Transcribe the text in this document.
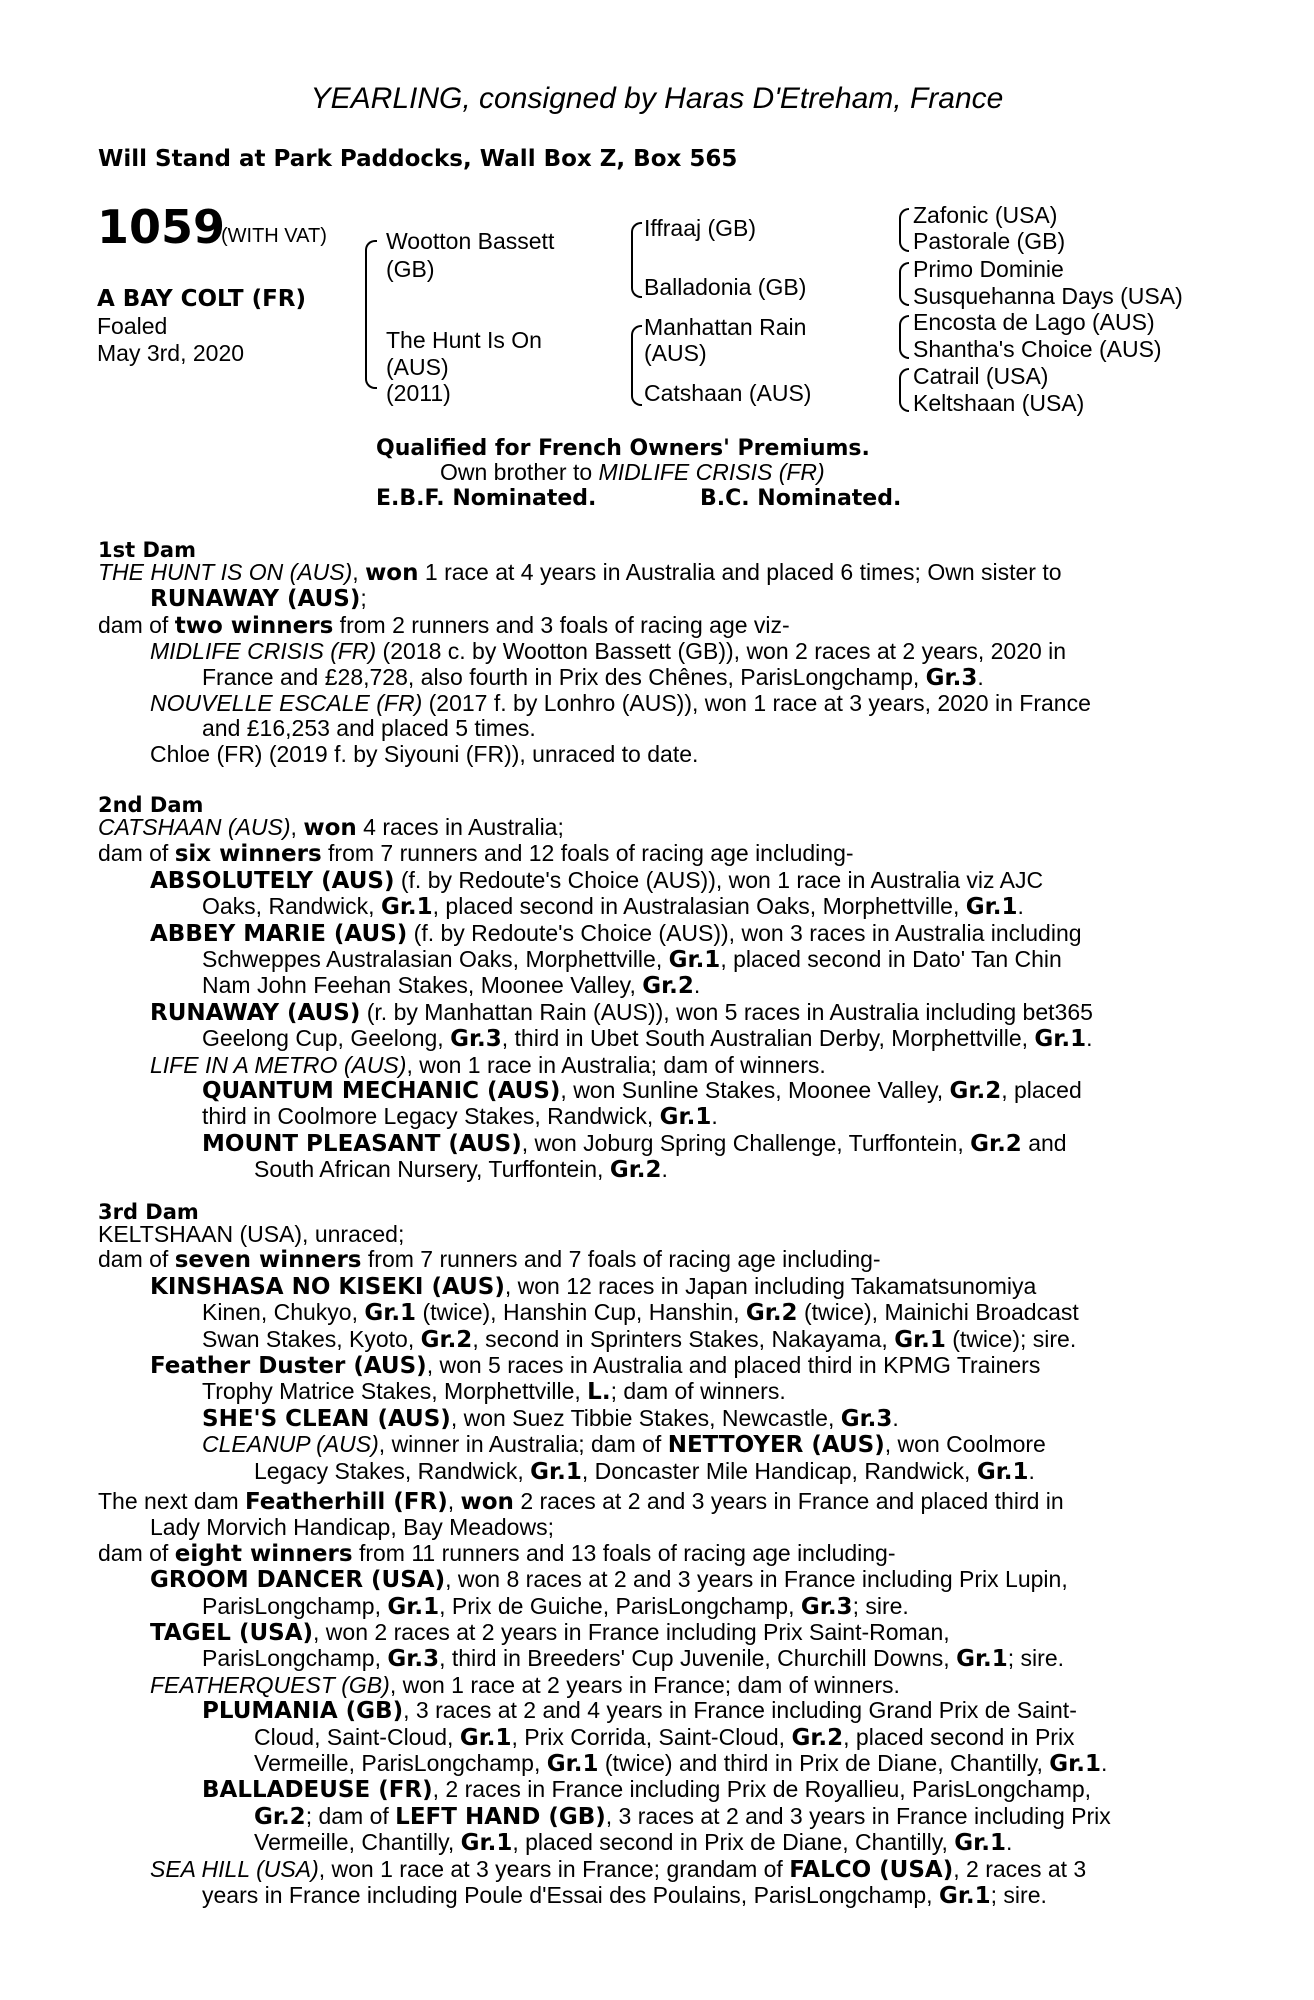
YEARLING, consigned by Haras D'Etreham, France
Will Stand at Park Paddocks, Wall Box Z, Box 565
1059
(WITH VAT)
A BAY COLT (FR)
Foaled
May 3rd, 2020
Wootton Bassett
(GB)
The Hunt Is On
(AUS)
(2011)
Iffraaj (GB)
Balladonia (GB)
Manhattan Rain
(AUS)
Catshaan (AUS)
Zafonic (USA)
Pastorale (GB)
Primo Dominie
Susquehanna Days (USA)
Encosta de Lago (AUS)
Shantha's Choice (AUS)
Catrail (USA)
Keltshaan (USA)
Qualified for French Owners' Premiums.
Own brother to MIDLIFE CRISIS (FR)
E.B.F. Nominated.	B.C. Nominated.
1st Dam
THE HUNT IS ON (AUS), won 1 race at 4 years in Australia and placed 6 times; Own sister to
RUNAWAY (AUS);
dam of two winners from 2 runners and 3 foals of racing age viz-
MIDLIFE CRISIS (FR) (2018 c. by Wootton Bassett (GB)), won 2 races at 2 years, 2020 in
France and £28,728, also fourth in Prix des Chênes, ParisLongchamp, Gr.3.
NOUVELLE ESCALE (FR) (2017 f. by Lonhro (AUS)), won 1 race at 3 years, 2020 in France
and £16,253 and placed 5 times.
Chloe (FR) (2019 f. by Siyouni (FR)), unraced to date.
2nd Dam
CATSHAAN (AUS), won 4 races in Australia;
dam of six winners from 7 runners and 12 foals of racing age including-
ABSOLUTELY (AUS) (f. by Redoute's Choice (AUS)), won 1 race in Australia viz AJC
Oaks, Randwick, Gr.1, placed second in Australasian Oaks, Morphettville, Gr.1.
ABBEY MARIE (AUS) (f. by Redoute's Choice (AUS)), won 3 races in Australia including
Schweppes Australasian Oaks, Morphettville, Gr.1, placed second in Dato' Tan Chin
Nam John Feehan Stakes, Moonee Valley, Gr.2.
RUNAWAY (AUS) (r. by Manhattan Rain (AUS)), won 5 races in Australia including bet365
Geelong Cup, Geelong, Gr.3, third in Ubet South Australian Derby, Morphettville, Gr.1.
LIFE IN A METRO (AUS), won 1 race in Australia; dam of winners.
QUANTUM MECHANIC (AUS), won Sunline Stakes, Moonee Valley, Gr.2, placed
third in Coolmore Legacy Stakes, Randwick, Gr.1.
MOUNT PLEASANT (AUS), won Joburg Spring Challenge, Turffontein, Gr.2 and
South African Nursery, Turffontein, Gr.2.
3rd Dam
KELTSHAAN (USA), unraced;
dam of seven winners from 7 runners and 7 foals of racing age including-
KINSHASA NO KISEKI (AUS), won 12 races in Japan including Takamatsunomiya
Kinen, Chukyo, Gr.1 (twice), Hanshin Cup, Hanshin, Gr.2 (twice), Mainichi Broadcast
Swan Stakes, Kyoto, Gr.2, second in Sprinters Stakes, Nakayama, Gr.1 (twice); sire.
Feather Duster (AUS), won 5 races in Australia and placed third in KPMG Trainers
Trophy Matrice Stakes, Morphettville, L.; dam of winners.
SHE'S CLEAN (AUS), won Suez Tibbie Stakes, Newcastle, Gr.3.
CLEANUP (AUS), winner in Australia; dam of NETTOYER (AUS), won Coolmore
Legacy Stakes, Randwick, Gr.1, Doncaster Mile Handicap, Randwick, Gr.1.
The next dam Featherhill (FR), won 2 races at 2 and 3 years in France and placed third in
Lady Morvich Handicap, Bay Meadows;
dam of eight winners from 11 runners and 13 foals of racing age including-
GROOM DANCER (USA), won 8 races at 2 and 3 years in France including Prix Lupin,
ParisLongchamp, Gr.1, Prix de Guiche, ParisLongchamp, Gr.3; sire.
TAGEL (USA), won 2 races at 2 years in France including Prix Saint-Roman,
ParisLongchamp, Gr.3, third in Breeders' Cup Juvenile, Churchill Downs, Gr.1; sire.
FEATHERQUEST (GB), won 1 race at 2 years in France; dam of winners.
PLUMANIA (GB), 3 races at 2 and 4 years in France including Grand Prix de Saint-
Cloud, Saint-Cloud, Gr.1, Prix Corrida, Saint-Cloud, Gr.2, placed second in Prix
Vermeille, ParisLongchamp, Gr.1 (twice) and third in Prix de Diane, Chantilly, Gr.1.
BALLADEUSE (FR), 2 races in France including Prix de Royallieu, ParisLongchamp,
Gr.2; dam of LEFT HAND (GB), 3 races at 2 and 3 years in France including Prix
Vermeille, Chantilly, Gr.1, placed second in Prix de Diane, Chantilly, Gr.1.
SEA HILL (USA), won 1 race at 3 years in France; grandam of FALCO (USA), 2 races at 3
years in France including Poule d'Essai des Poulains, ParisLongchamp, Gr.1; sire.
